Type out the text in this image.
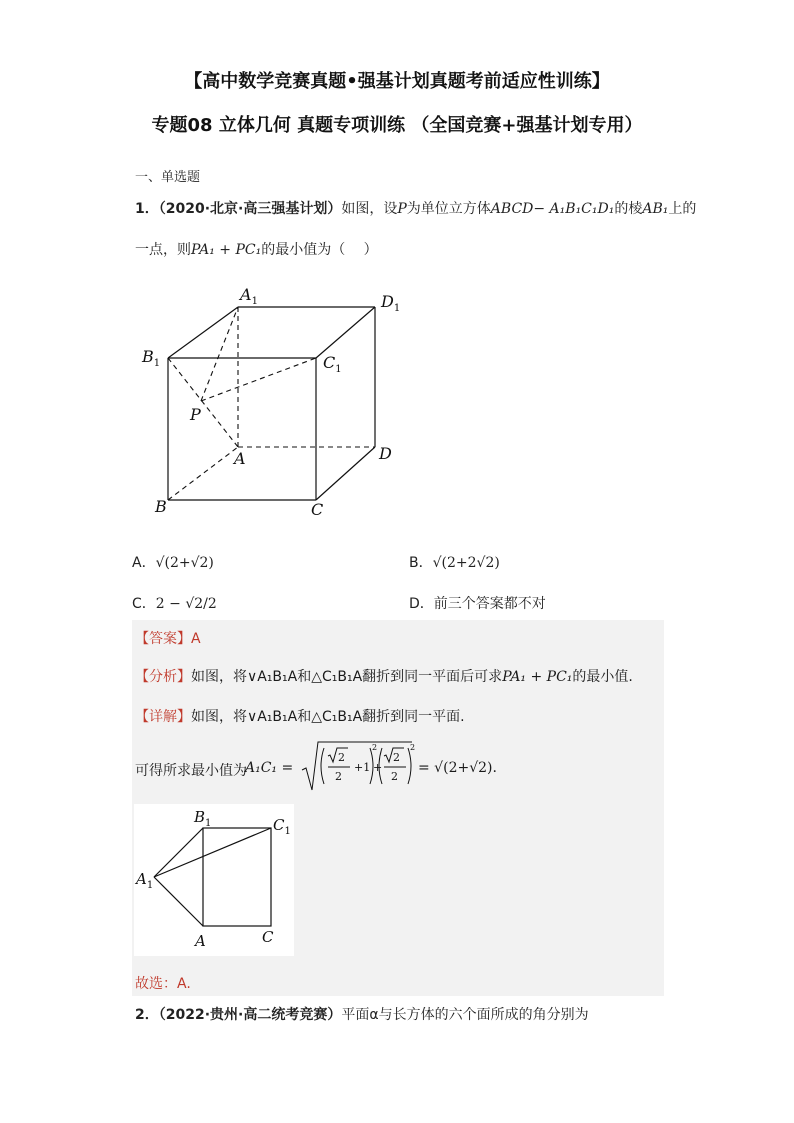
【高中数学竞赛真题•强基计划真题考前适应性训练】
专题08 立体几何 真题专项训练 （全国竞赛+强基计划专用）
一、单选题
1．（2020·北京·高三强基计划）如图，设P为单位立方体ABCD− A₁B₁C₁D₁的棱AB₁上的
一点，则PA₁ + PC₁的最小值为（　 ）
$A_1$	$D_1$
$B_1$	$C_1$
P
A	D
B	C
A．√(2+√2)	B．√(2+2√2)
C．2 − √2/2	D．前三个答案都不对
【答案】A
【分析】如图，将∨A₁B₁A和△C₁B₁A翻折到同一平面后可求PA₁ + PC₁的最小值.
【详解】如图，将∨A₁B₁A和△C₁B₁A翻折到同一平面.
可得所求最小值为
A₁C₁ =
2
2
+1
2
2
2
2
+	= √(2+√2).
$B_1$	$C_1$
$A_1$
A	C
故选：A.
2．（2022·贵州·高二统考竞赛）平面α与长方体的六个面所成的角分别为
